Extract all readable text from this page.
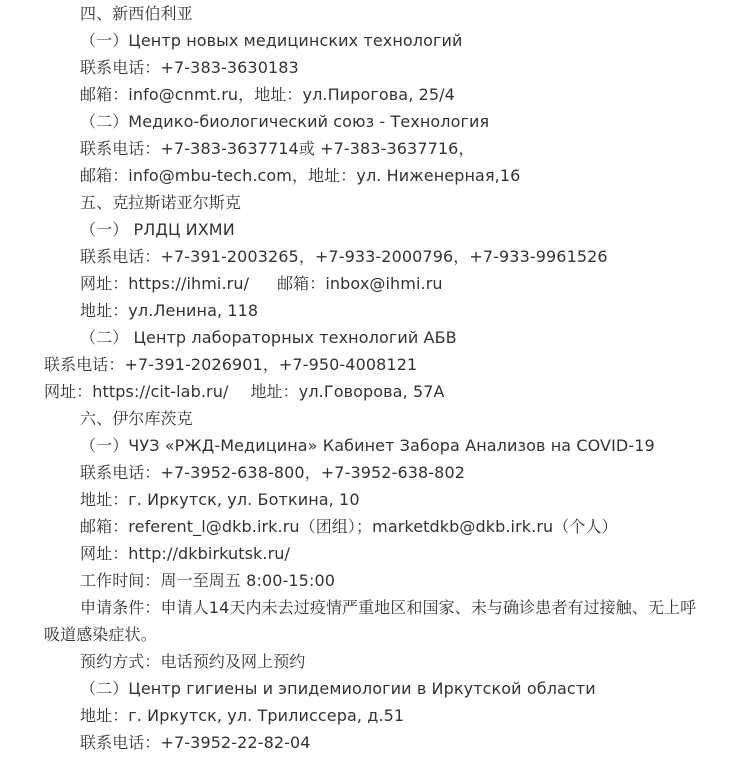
四、新西伯利亚
（一）Центр новых медицинских технологий
联系电话：+7-383-3630183
邮箱：info@cnmt.ru，地址：ул.Пирогова, 25/4
（二）Медико-биологический союз - Технология
联系电话：+7-383-3637714或 +7-383-3637716，
邮箱：info@mbu-tech.com，地址：ул. Ниженерная,16
五、克拉斯诺亚尔斯克
（一） РЛДЦ ИХМИ
联系电话：+7-391-2003265，+7-933-2000796，+7-933-9961526
网址：https://ihmi.ru/ 邮箱：inbox@ihmi.ru
地址：ул.Ленина, 118
（二） Центр лабораторных технологий АБВ
联系电话：+7-391-2026901，+7-950-4008121
网址：https://cit-lab.ru/ 地址：ул.Говорова, 57А
六、伊尔库茨克
（一）ЧУЗ «РЖД-Медицина» Кабинет Забора Анализов на COVID-19
联系电话：+7-3952-638-800，+7-3952-638-802
地址：г. Иркутск, ул. Боткина, 10
邮箱：referent_l@dkb.irk.ru（团组）；marketdkb@dkb.irk.ru（个人）
网址：http://dkbirkutsk.ru/
工作时间：周一至周五 8:00-15:00
申请条件：申请人14天内未去过疫情严重地区和国家、未与确诊患者有过接触、无上呼吸道感染症状。
预约方式：电话预约及网上预约
（二）Центр гигиены и эпидемиологии в Иркутской области
地址：г. Иркутск, ул. Трилиссера, д.51
联系电话：+7-3952-22-82-04
